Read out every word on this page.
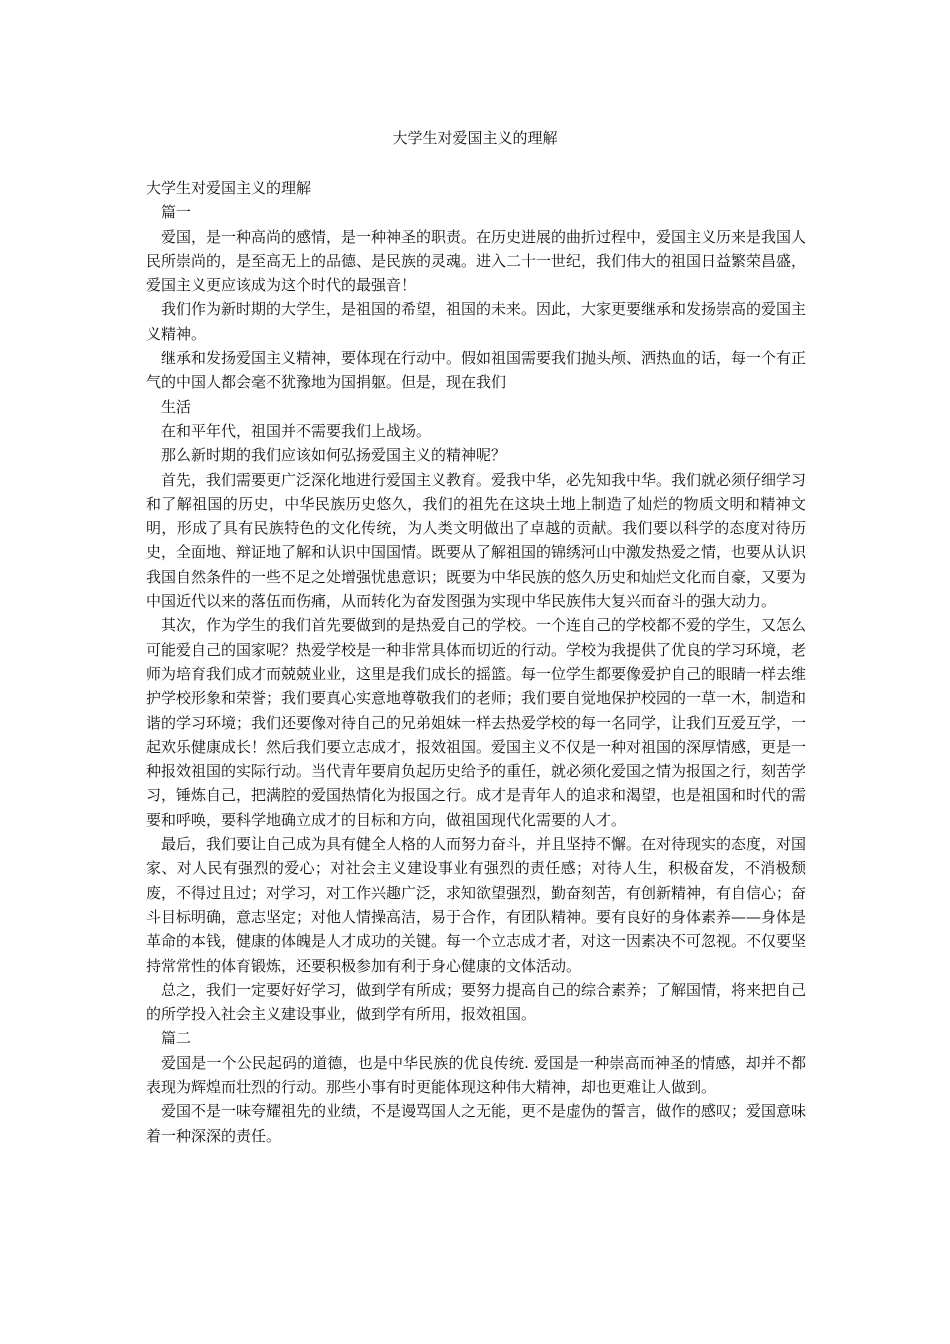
大学生对爱国主义的理解

大学生对爱国主义的理解

篇一

爱国，是一种高尚的感情，是一种神圣的职责。在历史进展的曲折过程中，爱国主义历来是我国人民所崇尚的，是至高无上的品德、是民族的灵魂。进入二十一世纪，我们伟大的祖国日益繁荣昌盛，爱国主义更应该成为这个时代的最强音！

我们作为新时期的大学生，是祖国的希望，祖国的未来。因此，大家更要继承和发扬崇高的爱国主义精神。

继承和发扬爱国主义精神，要体现在行动中。假如祖国需要我们抛头颅、洒热血的话，每一个有正气的中国人都会毫不犹豫地为国捐躯。但是，现在我们

生活

在和平年代，祖国并不需要我们上战场。

那么新时期的我们应该如何弘扬爱国主义的精神呢？

首先，我们需要更广泛深化地进行爱国主义教育。爱我中华，必先知我中华。我们就必须仔细学习和了解祖国的历史，中华民族历史悠久，我们的祖先在这块土地上制造了灿烂的物质文明和精神文明，形成了具有民族特色的文化传统，为人类文明做出了卓越的贡献。我们要以科学的态度对待历史，全面地、辩证地了解和认识中国国情。既要从了解祖国的锦绣河山中激发热爱之情，也要从认识我国自然条件的一些不足之处增强忧患意识；既要为中华民族的悠久历史和灿烂文化而自豪，又要为中国近代以来的落伍而伤痛，从而转化为奋发图强为实现中华民族伟大复兴而奋斗的强大动力。

其次，作为学生的我们首先要做到的是热爱自己的学校。一个连自己的学校都不爱的学生，又怎么可能爱自己的国家呢？热爱学校是一种非常具体而切近的行动。学校为我提供了优良的学习环境，老师为培育我们成才而兢兢业业，这里是我们成长的摇篮。每一位学生都要像爱护自己的眼睛一样去维护学校形象和荣誉；我们要真心实意地尊敬我们的老师；我们要自觉地保护校园的一草一木，制造和谐的学习环境；我们还要像对待自己的兄弟姐妹一样去热爱学校的每一名同学，让我们互爱互学，一起欢乐健康成长！然后我们要立志成才，报效祖国。爱国主义不仅是一种对祖国的深厚情感，更是一种报效祖国的实际行动。当代青年要肩负起历史给予的重任，就必须化爱国之情为报国之行，刻苦学习，锤炼自己，把满腔的爱国热情化为报国之行。成才是青年人的追求和渴望，也是祖国和时代的需要和呼唤，要科学地确立成才的目标和方向，做祖国现代化需要的人才。

最后，我们要让自己成为具有健全人格的人而努力奋斗，并且坚持不懈。在对待现实的态度，对国家、对人民有强烈的爱心；对社会主义建设事业有强烈的责任感；对待人生，积极奋发，不消极颓废，不得过且过；对学习，对工作兴趣广泛，求知欲望强烈，勤奋刻苦，有创新精神，有自信心；奋斗目标明确，意志坚定；对他人情操高洁，易于合作，有团队精神。要有良好的身体素养——身体是革命的本钱，健康的体魄是人才成功的关键。每一个立志成才者，对这一因素决不可忽视。不仅要坚持常常性的体育锻炼，还要积极参加有利于身心健康的文体活动。

总之，我们一定要好好学习，做到学有所成；要努力提高自己的综合素养；了解国情，将来把自己的所学投入社会主义建设事业，做到学有所用，报效祖国。

篇二

爱国是一个公民起码的道德，也是中华民族的优良传统. 爱国是一种崇高而神圣的情感，却并不都表现为辉煌而壮烈的行动。那些小事有时更能体现这种伟大精神，却也更难让人做到。

爱国不是一味夸耀祖先的业绩，不是谩骂国人之无能，更不是虚伪的誓言，做作的感叹；爱国意味着一种深深的责任。
